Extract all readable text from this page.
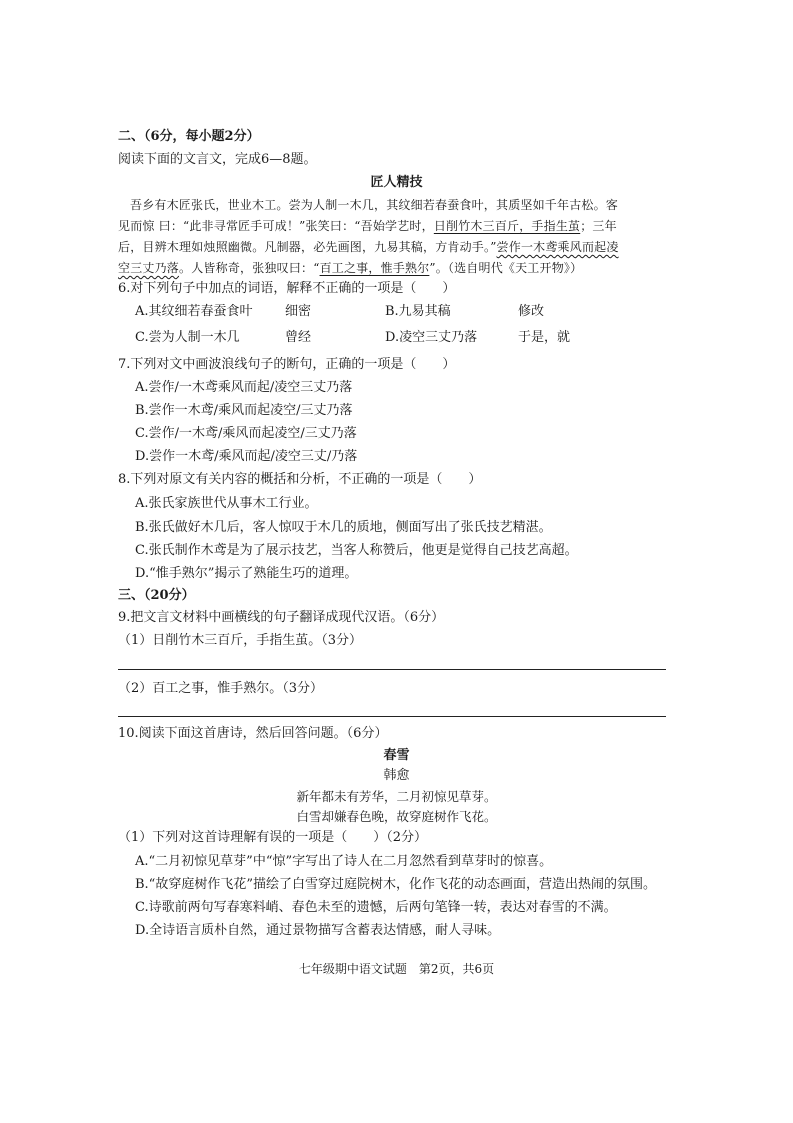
二、（6分，每小题2分）
阅读下面的文言文，完成6—8题。
匠人精技
吾乡有木匠张氏，世业木工。尝为人制一木几，其纹细若春蚕食叶，其质坚如千年古松。客
见而惊 曰：“此非寻常匠手可成！”张笑曰：“吾始学艺时，日削竹木三百斤，手指生茧；三年
后，目辨木理如烛照幽微。凡制器，必先画图，九易其稿，方肯动手。”尝作一木鸢乘风而起凌
空三丈乃落。人皆称奇，张独叹曰：“百工之事，惟手熟尔”。（选自明代《天工开物》）
6.对下列句子中加点的词语，解释不正确的一项是（　　）
A.其纹细若春蚕食叶 细密	B.九易其稿	修改
C.尝为人制一木几	曾经	D.凌空三丈乃落	于是，就
7.下列对文中画波浪线句子的断句，正确的一项是（　　）
A.尝作/一木鸢乘风而起/凌空三丈乃落
B.尝作一木鸢/乘风而起凌空/三丈乃落
C.尝作/一木鸢/乘风而起凌空/三丈乃落
D.尝作一木鸢/乘风而起/凌空三丈/乃落
8.下列对原文有关内容的概括和分析，不正确的一项是（　　）
A.张氏家族世代从事木工行业。
B.张氏做好木几后，客人惊叹于木几的质地，侧面写出了张氏技艺精湛。
C.张氏制作木鸢是为了展示技艺，当客人称赞后，他更是觉得自己技艺高超。
D.“惟手熟尔”揭示了熟能生巧的道理。
三、（20分）
9.把文言文材料中画横线的句子翻译成现代汉语。（6分）
（1）日削竹木三百斤，手指生茧。（3分）
（2）百工之事，惟手熟尔。（3分）
10.阅读下面这首唐诗，然后回答问题。（6分）
春雪
韩愈
新年都未有芳华，二月初惊见草芽。
白雪却嫌春色晚，故穿庭树作飞花。
（1）下列对这首诗理解有误的一项是（　　）（2分）
A.“二月初惊见草芽”中“惊”字写出了诗人在二月忽然看到草芽时的惊喜。
B.“故穿庭树作飞花”描绘了白雪穿过庭院树木，化作飞花的动态画面，营造出热闹的氛围。
C.诗歌前两句写春寒料峭、春色未至的遗憾，后两句笔锋一转，表达对春雪的不满。
D.全诗语言质朴自然，通过景物描写含蓄表达情感，耐人寻味。
七年级期中语文试题　第2页，共6页
